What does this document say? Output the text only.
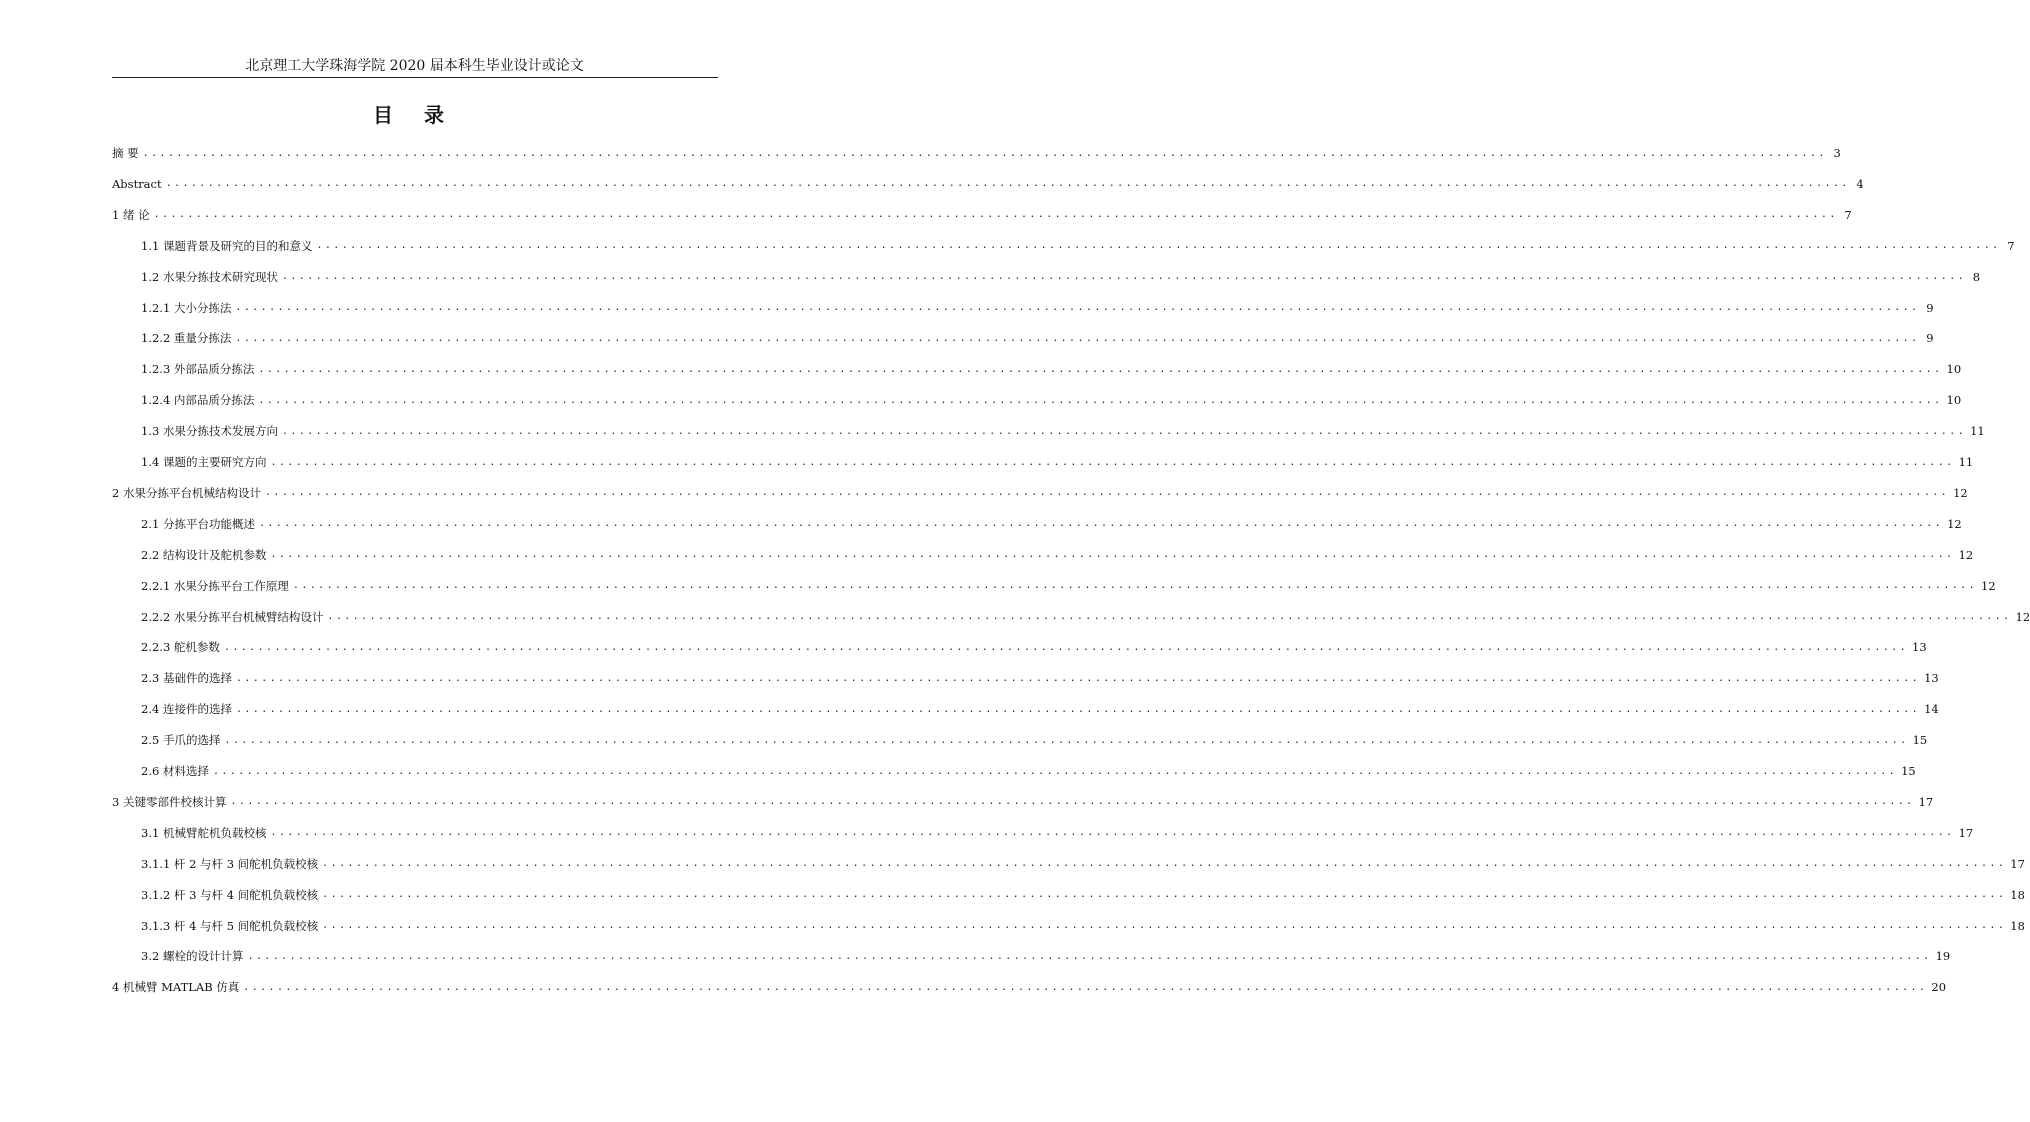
北京理工大学珠海学院 2020 届本科生毕业设计或论文
目 录
摘 要 ........................................................................................................................................................................................................ 3
Abstract ........................................................................................................................................................................................................ 4
1 绪 论 ........................................................................................................................................................................................................ 7
1.1 课题背景及研究的目的和意义 ........................................................................................................................................................................................................ 7
1.2 水果分拣技术研究现状 ........................................................................................................................................................................................................ 8
1.2.1 大小分拣法 ........................................................................................................................................................................................................ 9
1.2.2 重量分拣法 ........................................................................................................................................................................................................ 9
1.2.3 外部品质分拣法 ........................................................................................................................................................................................................ 10
1.2.4 内部品质分拣法 ........................................................................................................................................................................................................ 10
1.3 水果分拣技术发展方向 ........................................................................................................................................................................................................ 11
1.4 课题的主要研究方向 ........................................................................................................................................................................................................ 11
2 水果分拣平台机械结构设计 ........................................................................................................................................................................................................ 12
2.1 分拣平台功能概述 ........................................................................................................................................................................................................ 12
2.2 结构设计及舵机参数 ........................................................................................................................................................................................................ 12
2.2.1 水果分拣平台工作原理 ........................................................................................................................................................................................................ 12
2.2.2 水果分拣平台机械臂结构设计 ........................................................................................................................................................................................................ 12
2.2.3 舵机参数 ........................................................................................................................................................................................................ 13
2.3 基础件的选择 ........................................................................................................................................................................................................ 13
2.4 连接件的选择 ........................................................................................................................................................................................................ 14
2.5 手爪的选择 ........................................................................................................................................................................................................ 15
2.6 材料选择 ........................................................................................................................................................................................................ 15
3 关键零部件校核计算 ........................................................................................................................................................................................................ 17
3.1 机械臂舵机负载校核 ........................................................................................................................................................................................................ 17
3.1.1 杆 2 与杆 3 间舵机负载校核 ........................................................................................................................................................................................................ 17
3.1.2 杆 3 与杆 4 间舵机负载校核 ........................................................................................................................................................................................................ 18
3.1.3 杆 4 与杆 5 间舵机负载校核 ........................................................................................................................................................................................................ 18
3.2 螺栓的设计计算 ........................................................................................................................................................................................................ 19
4 机械臂 MATLAB 仿真 ........................................................................................................................................................................................................ 20
